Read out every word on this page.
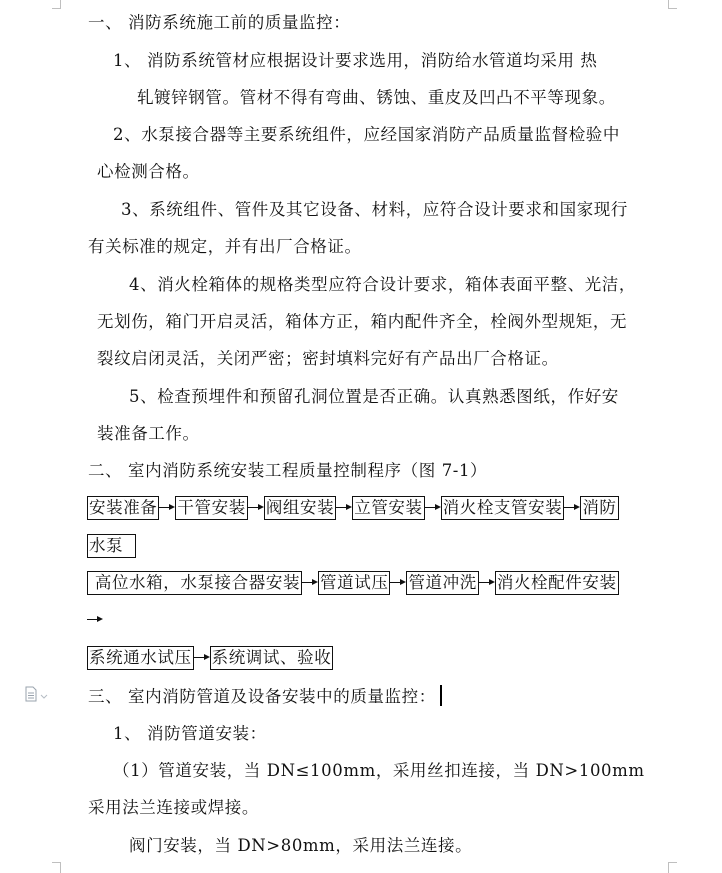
一、 消防系统施工前的质量监控：
1、 消防系统管材应根据设计要求选用，消防给水管道均采用 热
轧镀锌钢管。管材不得有弯曲、锈蚀、重皮及凹凸不平等现象。
2、水泵接合器等主要系统组件，应经国家消防产品质量监督检验中
心检测合格。
3、系统组件、管件及其它设备、材料，应符合设计要求和国家现行
有关标准的规定，并有出厂合格证。
4、消火栓箱体的规格类型应符合设计要求，箱体表面平整、光洁，
无划伤，箱门开启灵活，箱体方正，箱内配件齐全，栓阀外型规矩，无
裂纹启闭灵活，关闭严密；密封填料完好有产品出厂合格证。
5、检查预埋件和预留孔洞位置是否正确。认真熟悉图纸，作好安
装准备工作。
二、 室内消防系统安装工程质量控制程序（图 7-1）
安装准备 干管安装 阀组安装 立管安装 消火栓支管安装 消防
水泵
高位水箱，水泵接合器安装 管道试压 管道冲洗 消火栓配件安装
系统通水试压 系统调试、验收
三、 室内消防管道及设备安装中的质量监控：
1、 消防管道安装：
（1）管道安装，当 DN≤100mm，采用丝扣连接，当 DN>100mm
采用法兰连接或焊接。
阀门安装，当 DN>80mm，采用法兰连接。
